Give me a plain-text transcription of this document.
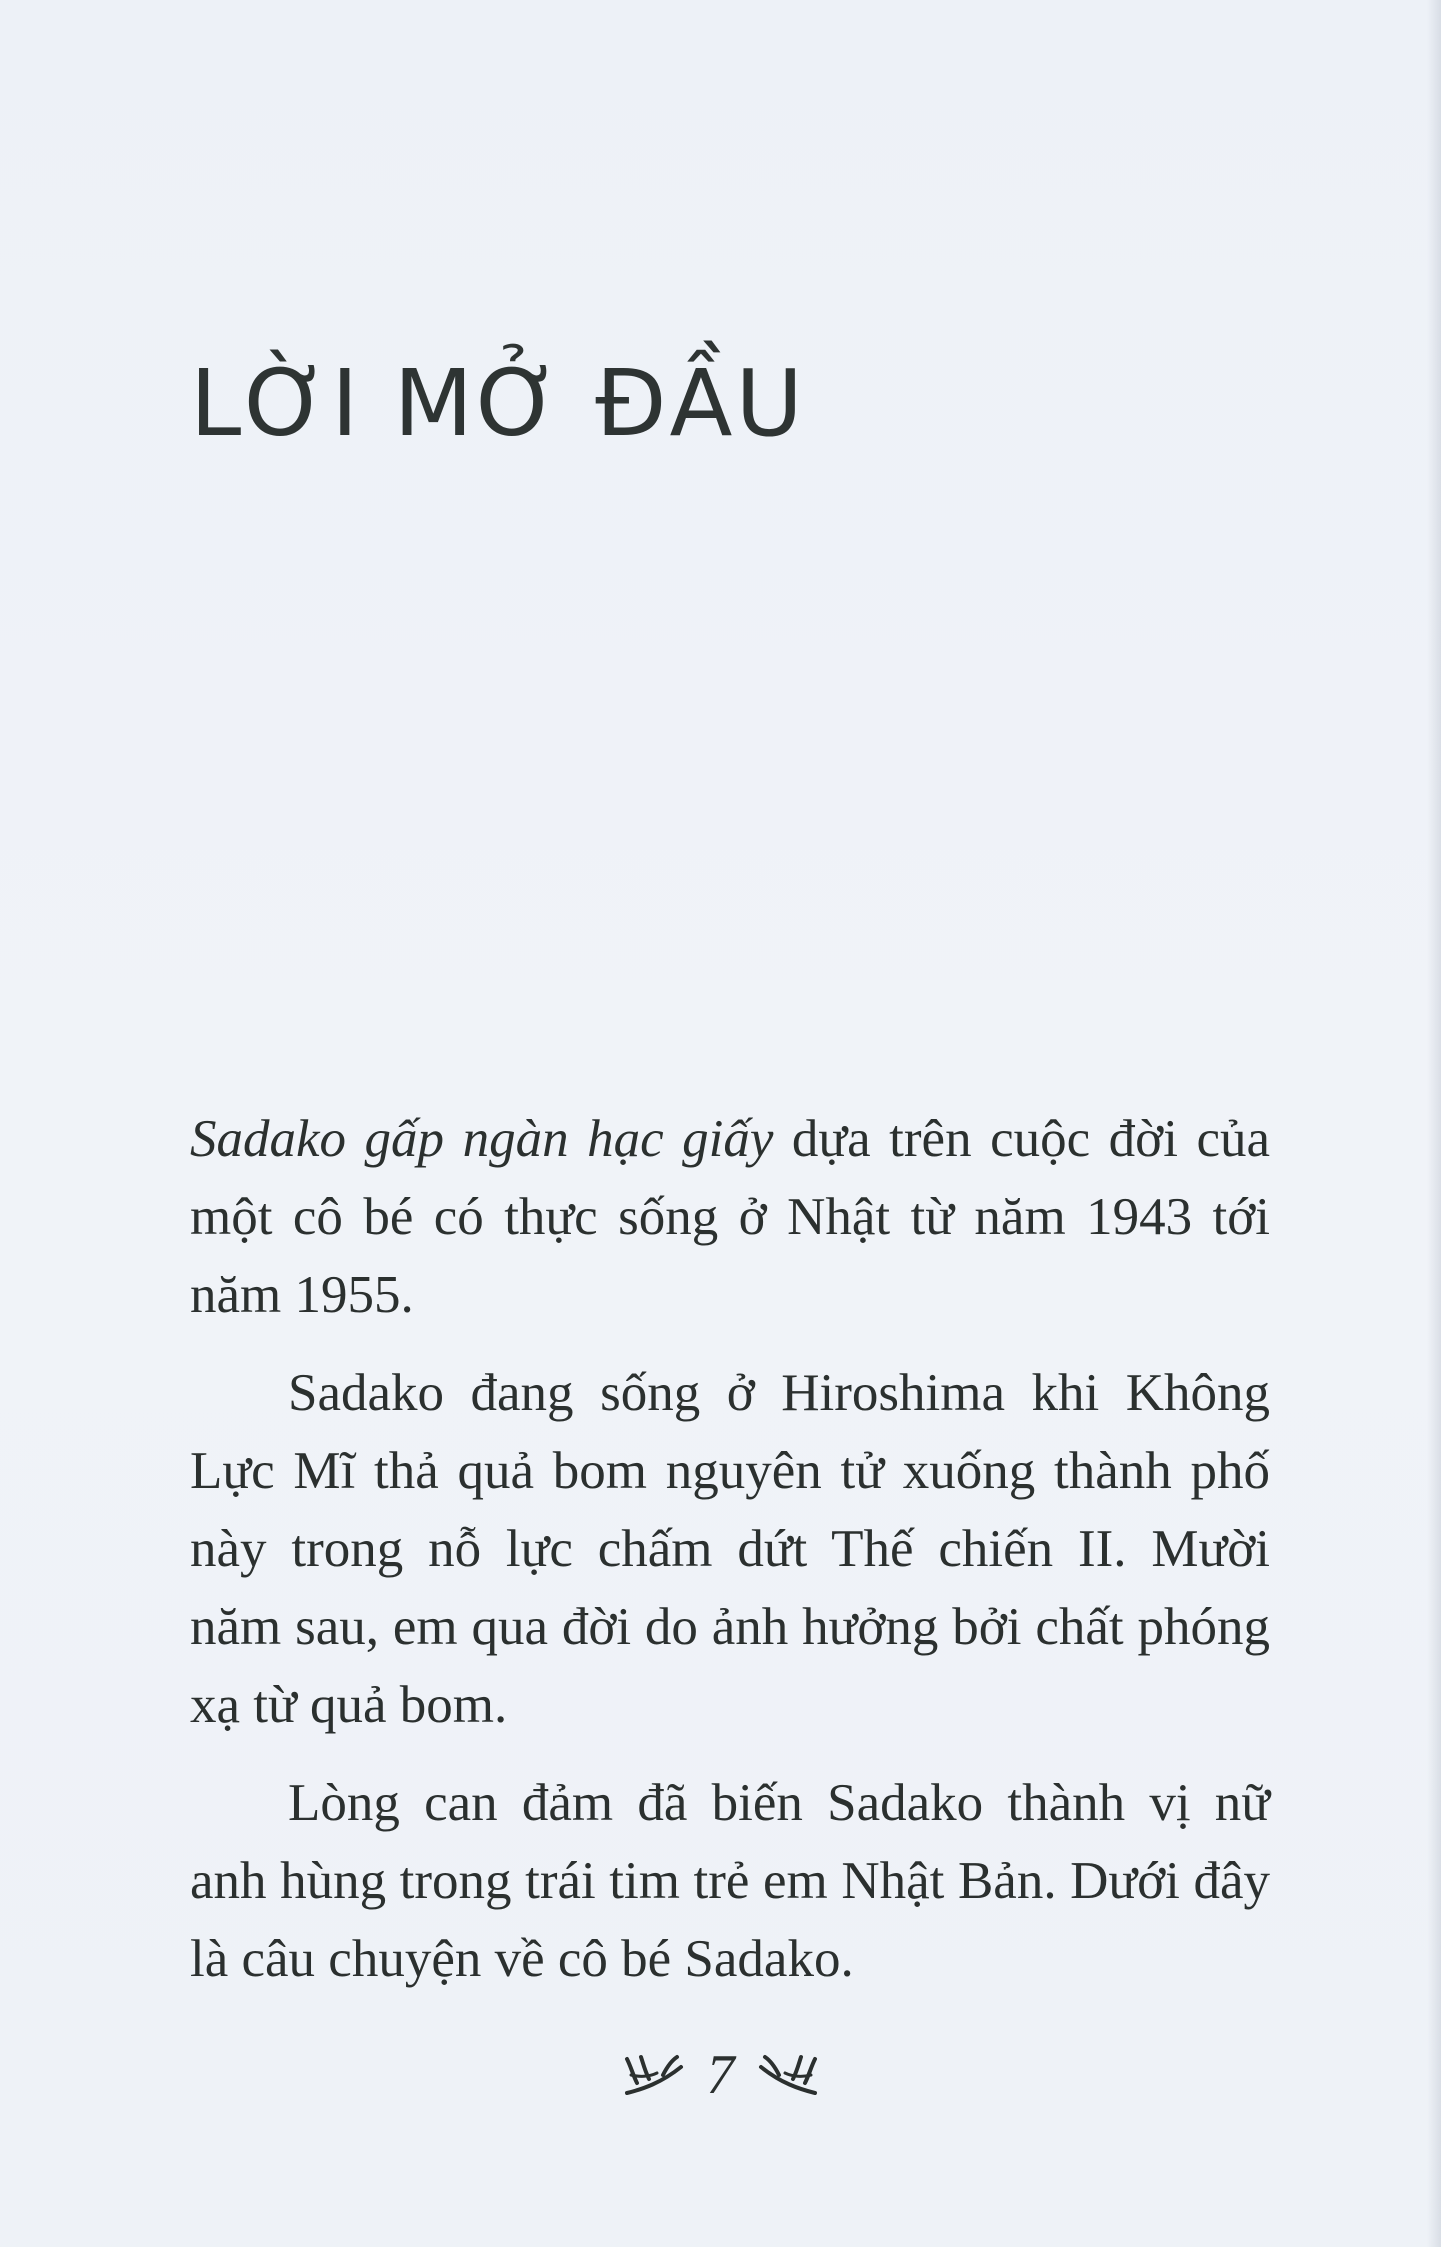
LỜI MỞ ĐẦU

Sadako gấp ngàn hạc giấy dựa trên cuộc đời của một cô bé có thực sống ở Nhật từ năm 1943 tới năm 1955.

Sadako đang sống ở Hiroshima khi Không Lực Mĩ thả quả bom nguyên tử xuống thành phố này trong nỗ lực chấm dứt Thế chiến II. Mười năm sau, em qua đời do ảnh hưởng bởi chất phóng xạ từ quả bom.

Lòng can đảm đã biến Sadako thành vị nữ anh hùng trong trái tim trẻ em Nhật Bản. Dưới đây là câu chuyện về cô bé Sadako.

7
